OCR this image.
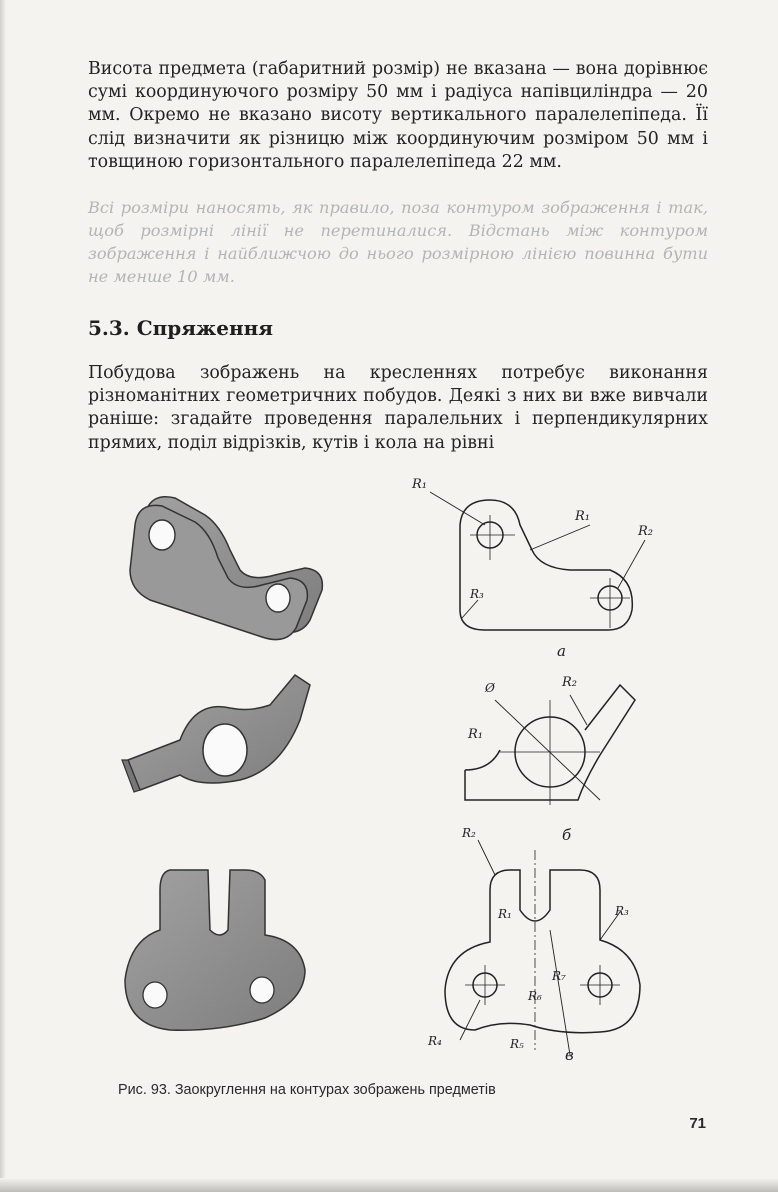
Висота предмета (габаритний розмір) не вказана — вона дорівнює сумі координуючого розміру 50 мм і радіуса напівциліндра — 20 мм. Окремо не вказано висоту вертикального паралелепіпеда. Її слід визначити як різницю між координуючим розміром 50 мм і товщиною горизонтального паралелепіпеда 22 мм.

Всі розміри наносять, як правило, поза контуром зображення і так, щоб розмірні лінії не перетиналися. Відстань між контуром зображення і найближчою до нього розмірною лінією повинна бути не менше 10 мм.

5.3. Спряження

Побудова зображень на кресленнях потребує виконання різноманітних геометричних побудов. Деякі з них ви вже вивчали раніше: згадайте проведення паралельних і перпендикулярних прямих, поділ відрізків, кутів і кола на рівні

R₁
R₁
R₂
R₃
а
Ø	R₂
R₁
б
R₂
R₁	R₃
R₇
R₆
R₄	R₅
в

Рис. 93. Заокруглення на контурах зображень предметів

71
